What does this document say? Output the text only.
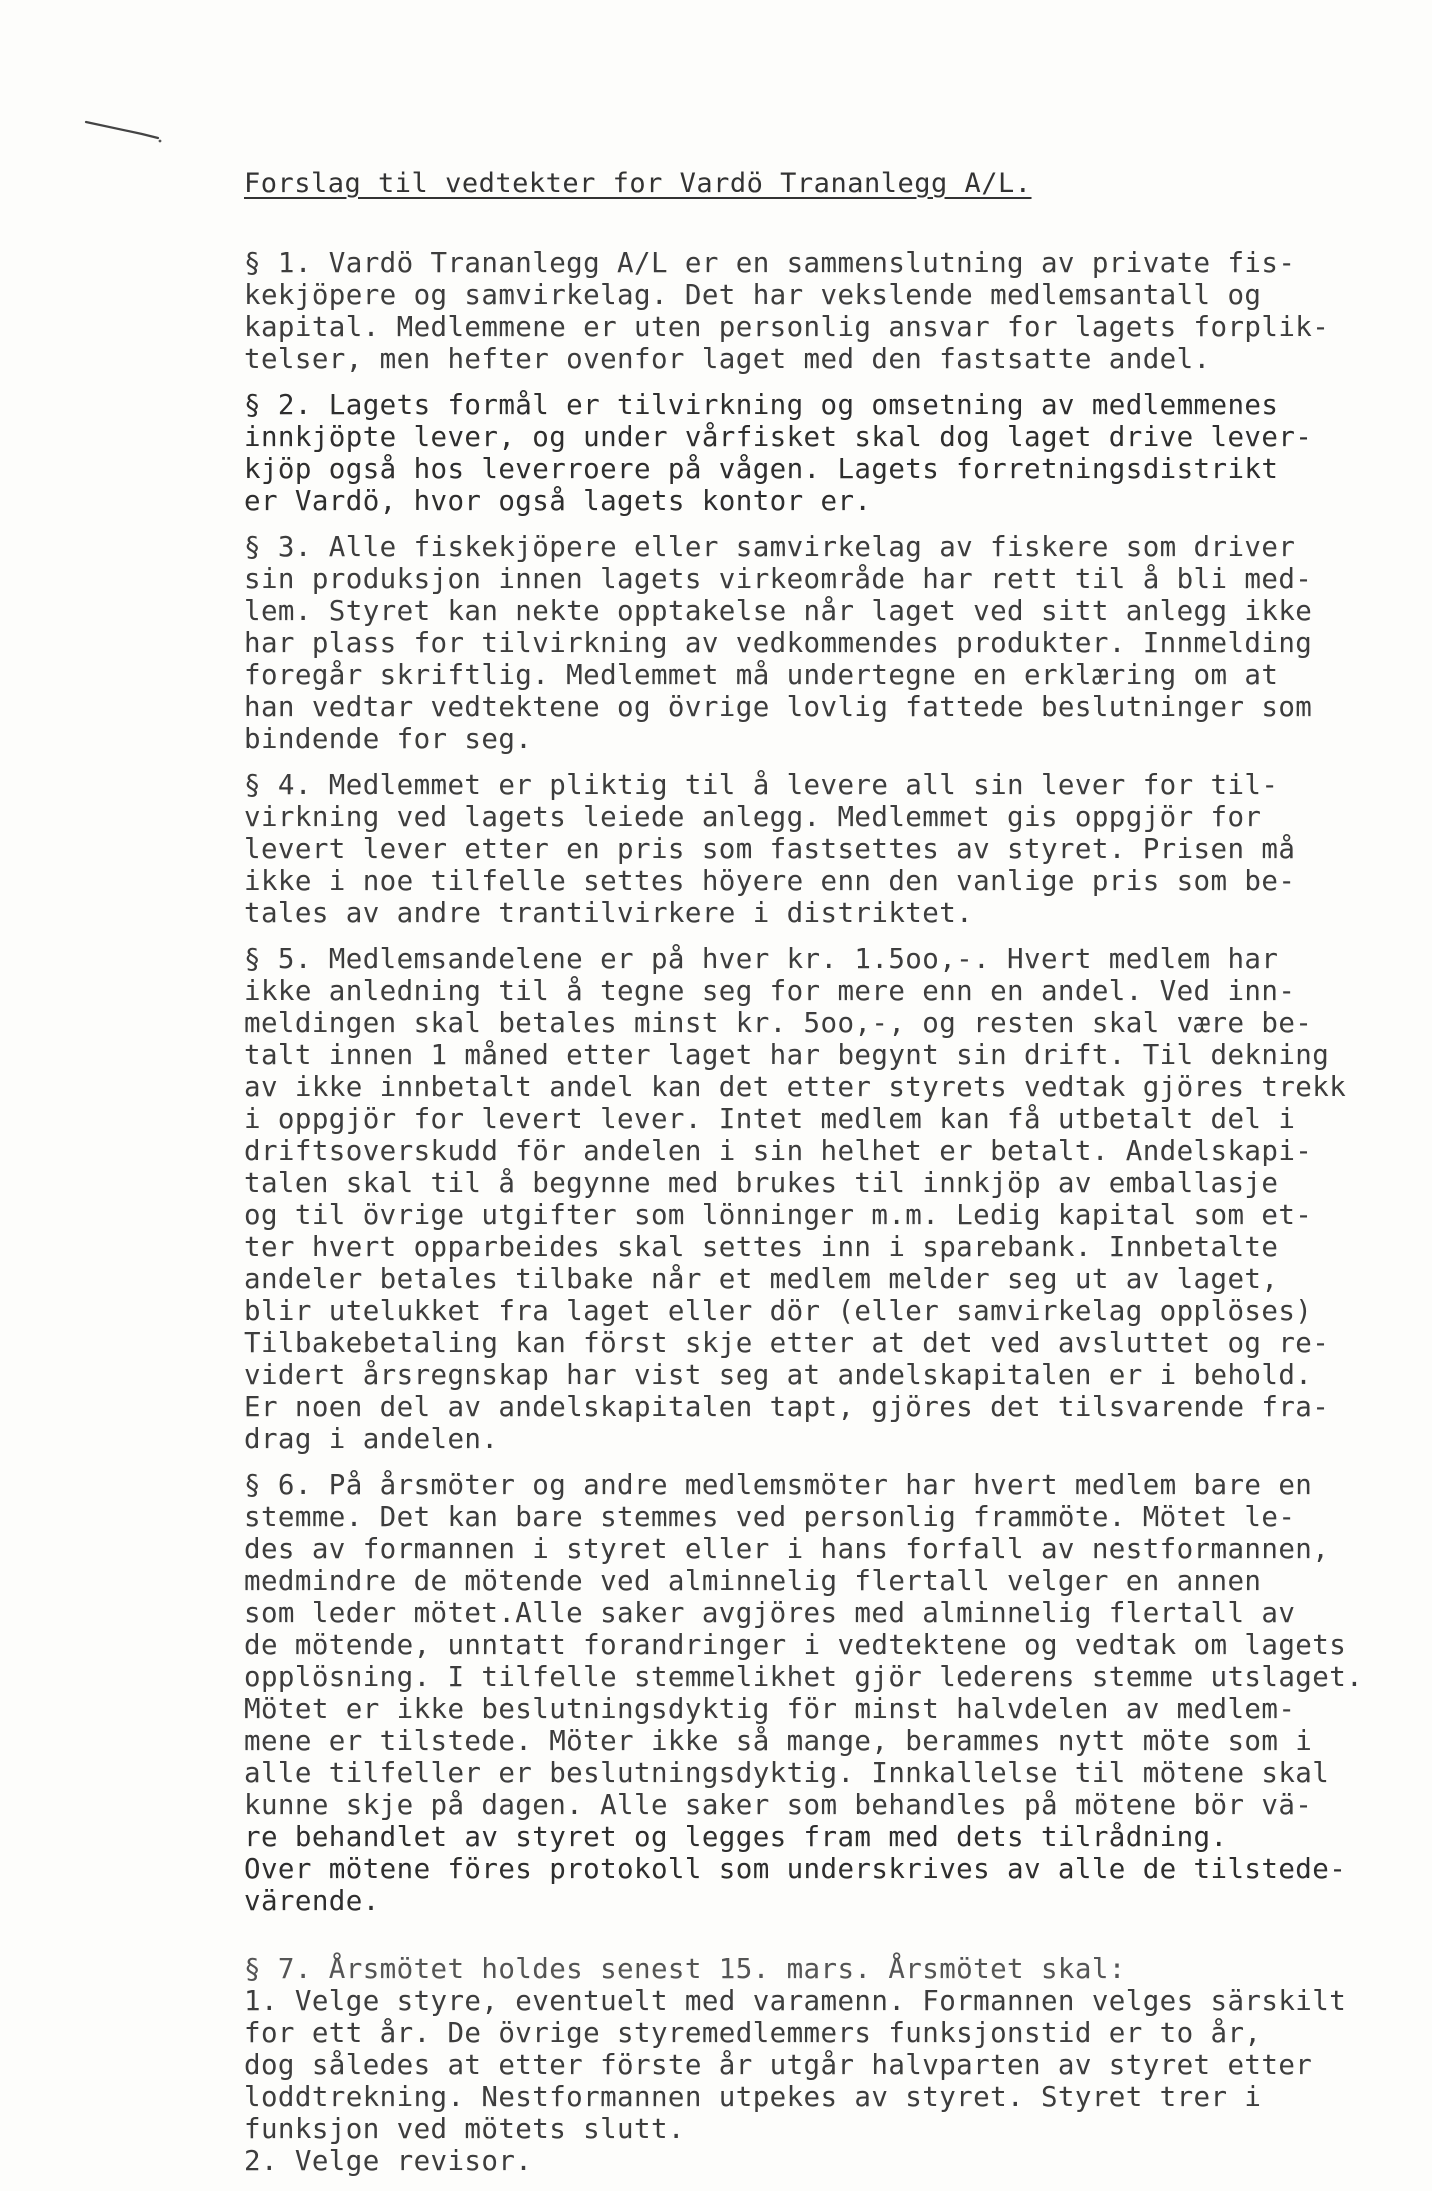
Forslag til vedtekter for Vardö Trananlegg A/L.
§ 1. Vardö Trananlegg A/L er en sammenslutning av private fis-
kekjöpere og samvirkelag. Det har vekslende medlemsantall og
kapital. Medlemmene er uten personlig ansvar for lagets forplik-
telser, men hefter ovenfor laget med den fastsatte andel.
§ 2. Lagets formål er tilvirkning og omsetning av medlemmenes
innkjöpte lever, og under vårfisket skal dog laget drive lever-
kjöp også hos leverroere på vågen. Lagets forretningsdistrikt
er Vardö, hvor også lagets kontor er.
§ 3. Alle fiskekjöpere eller samvirkelag av fiskere som driver
sin produksjon innen lagets virkeområde har rett til å bli med-
lem. Styret kan nekte opptakelse når laget ved sitt anlegg ikke
har plass for tilvirkning av vedkommendes produkter. Innmelding
foregår skriftlig. Medlemmet må undertegne en erklæring om at
han vedtar vedtektene og övrige lovlig fattede beslutninger som
bindende for seg.
§ 4. Medlemmet er pliktig til å levere all sin lever for til-
virkning ved lagets leiede anlegg. Medlemmet gis oppgjör for
levert lever etter en pris som fastsettes av styret. Prisen må
ikke i noe tilfelle settes höyere enn den vanlige pris som be-
tales av andre trantilvirkere i distriktet.
§ 5. Medlemsandelene er på hver kr. 1.5oo,-. Hvert medlem har
ikke anledning til å tegne seg for mere enn en andel. Ved inn-
meldingen skal betales minst kr. 5oo,-, og resten skal være be-
talt innen 1 måned etter laget har begynt sin drift. Til dekning
av ikke innbetalt andel kan det etter styrets vedtak gjöres trekk
i oppgjör for levert lever. Intet medlem kan få utbetalt del i
driftsoverskudd för andelen i sin helhet er betalt. Andelskapi-
talen skal til å begynne med brukes til innkjöp av emballasje
og til övrige utgifter som lönninger m.m. Ledig kapital som et-
ter hvert opparbeides skal settes inn i sparebank. Innbetalte
andeler betales tilbake når et medlem melder seg ut av laget,
blir utelukket fra laget eller dör (eller samvirkelag opplöses)
Tilbakebetaling kan först skje etter at det ved avsluttet og re-
vidert årsregnskap har vist seg at andelskapitalen er i behold.
Er noen del av andelskapitalen tapt, gjöres det tilsvarende fra-
drag i andelen.
§ 6. På årsmöter og andre medlemsmöter har hvert medlem bare en
stemme. Det kan bare stemmes ved personlig frammöte. Mötet le-
des av formannen i styret eller i hans forfall av nestformannen,
medmindre de mötende ved alminnelig flertall velger en annen
som leder mötet.Alle saker avgjöres med alminnelig flertall av
de mötende, unntatt forandringer i vedtektene og vedtak om lagets
opplösning. I tilfelle stemmelikhet gjör lederens stemme utslaget.
Mötet er ikke beslutningsdyktig för minst halvdelen av medlem-
mene er tilstede. Möter ikke så mange, berammes nytt möte som i
alle tilfeller er beslutningsdyktig. Innkallelse til mötene skal
kunne skje på dagen. Alle saker som behandles på mötene bör vä-
re behandlet av styret og legges fram med dets tilrådning.
Over mötene föres protokoll som underskrives av alle de tilstede-
värende.
§ 7. Årsmötet holdes senest 15. mars. Årsmötet skal:
1. Velge styre, eventuelt med varamenn. Formannen velges särskilt
for ett år. De övrige styremedlemmers funksjonstid er to år,
dog således at etter förste år utgår halvparten av styret etter
loddtrekning. Nestformannen utpekes av styret. Styret trer i
funksjon ved mötets slutt.
2. Velge revisor.
